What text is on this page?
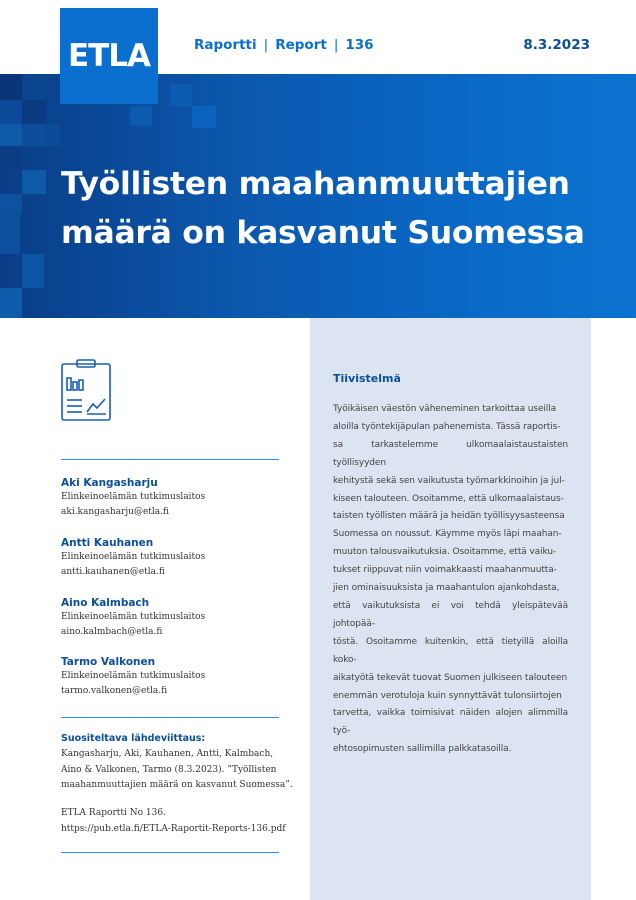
ETLA	Raportti | Report | 136	8.3.2023
Työllisten maahanmuuttajien
määrä on kasvanut Suomessa
Tiivistelmä
Työikäisen väestön väheneminen tarkoittaa useilla
aloilla työntekijäpulan pahenemista. Tässä raportis-
sa tarkastelemme ulkomaalaistaustaisten työllisyyden
kehitystä sekä sen vaikutusta työmarkkinoihin ja jul-
kiseen talouteen. Osoitamme, että ulkomaalaistaus-
taisten työllisten määrä ja heidän työllisyysasteensa
Suomessa on noussut. Käymme myös läpi maahan-
muuton talousvaikutuksia. Osoitamme, että vaiku-
tukset riippuvat niin voimakkaasti maahanmuutta-
jien ominaisuuksista ja maahantulon ajankohdasta,
että vaikutuksista ei voi tehdä yleispätevää johtopää-
töstä. Osoitamme kuitenkin, että tietyillä aloilla koko-
aikatyötä tekevät tuovat Suomen julkiseen talouteen
enemmän verotuloja kuin synnyttävät tulonsiirtojen
tarvetta, vaikka toimisivat näiden alojen alimmilla työ-
ehtosopimusten sallimilla palkkatasoilla.
Aki Kangasharju
Elinkeinoelämän tutkimuslaitos
aki.kangasharju@etla.fi
Antti Kauhanen
Elinkeinoelämän tutkimuslaitos
antti.kauhanen@etla.fi
Aino Kalmbach
Elinkeinoelämän tutkimuslaitos
aino.kalmbach@etla.fi
Tarmo Valkonen
Elinkeinoelämän tutkimuslaitos
tarmo.valkonen@etla.fi
Suositeltava lähdeviittaus:
Kangasharju, Aki, Kauhanen, Antti, Kalmbach,
Aino & Valkonen, Tarmo (8.3.2023). ”Työllisten
maahanmuuttajien määrä on kasvanut Suomessa”.
ETLA Raportti No 136.
https://pub.etla.fi/ETLA-Raportit-Reports-136.pdf
